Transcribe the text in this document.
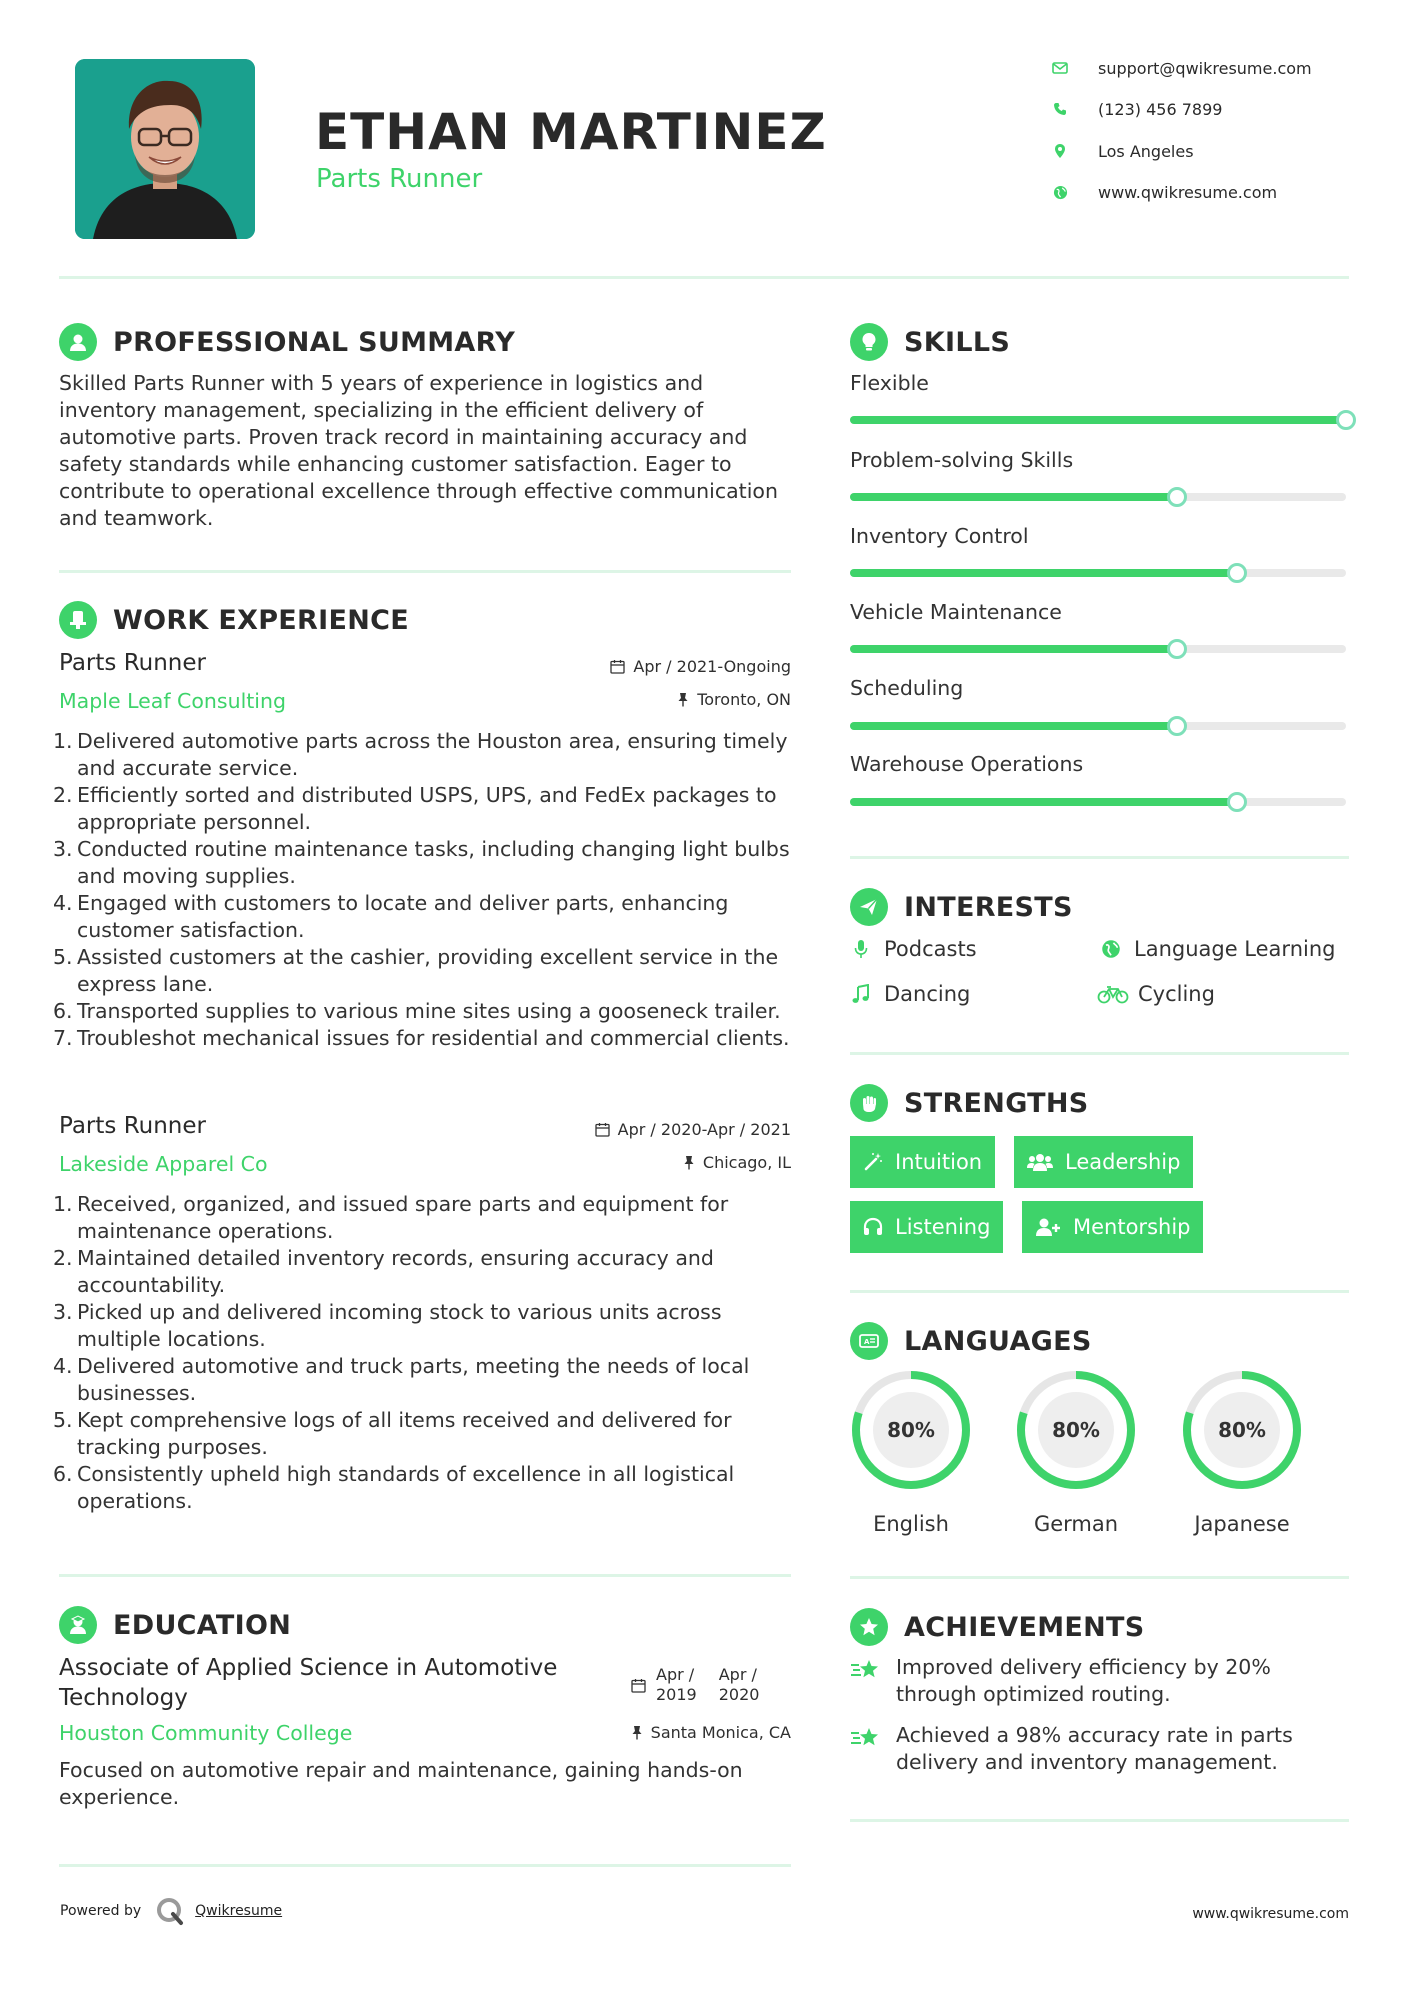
ETHAN MARTINEZ
Parts Runner
support@qwikresume.com
(123) 456 7899
Los Angeles
www.qwikresume.com
PROFESSIONAL SUMMARY
Skilled Parts Runner with 5 years of experience in logistics and inventory management, specializing in the efficient delivery of automotive parts. Proven track record in maintaining accuracy and safety standards while enhancing customer satisfaction. Eager to contribute to operational excellence through effective communication and teamwork.
WORK EXPERIENCE
Parts Runner
Maple Leaf Consulting
Apr / 2021-Ongoing
Toronto, ON
1. Delivered automotive parts across the Houston area, ensuring timely and accurate service.
2. Efficiently sorted and distributed USPS, UPS, and FedEx packages to appropriate personnel.
3. Conducted routine maintenance tasks, including changing light bulbs and moving supplies.
4. Engaged with customers to locate and deliver parts, enhancing customer satisfaction.
5. Assisted customers at the cashier, providing excellent service in the express lane.
6. Transported supplies to various mine sites using a gooseneck trailer.
7. Troubleshot mechanical issues for residential and commercial clients.
Parts Runner
Lakeside Apparel Co
Apr / 2020-Apr / 2021
Chicago, IL
1. Received, organized, and issued spare parts and equipment for maintenance operations.
2. Maintained detailed inventory records, ensuring accuracy and accountability.
3. Picked up and delivered incoming stock to various units across multiple locations.
4. Delivered automotive and truck parts, meeting the needs of local businesses.
5. Kept comprehensive logs of all items received and delivered for tracking purposes.
6. Consistently upheld high standards of excellence in all logistical operations.
EDUCATION
Associate of Applied Science in Automotive Technology
Apr /
2019
Apr /
2020
Houston Community College	Santa Monica, CA
Focused on automotive repair and maintenance, gaining hands-on experience.
SKILLS
Flexible
Problem-solving Skills
Inventory Control
Vehicle Maintenance
Scheduling
Warehouse Operations
INTERESTS
Podcasts	Language Learning
Dancing	Cycling
STRENGTHS
Intuition	Leadership
Listening	Mentorship
A LANGUAGES
80%
English
80%
German
80%
Japanese
ACHIEVEMENTS
Improved delivery efficiency by 20% through optimized routing.
Achieved a 98% accuracy rate in parts delivery and inventory management.
Powered by	Qwikresume	www.qwikresume.com
